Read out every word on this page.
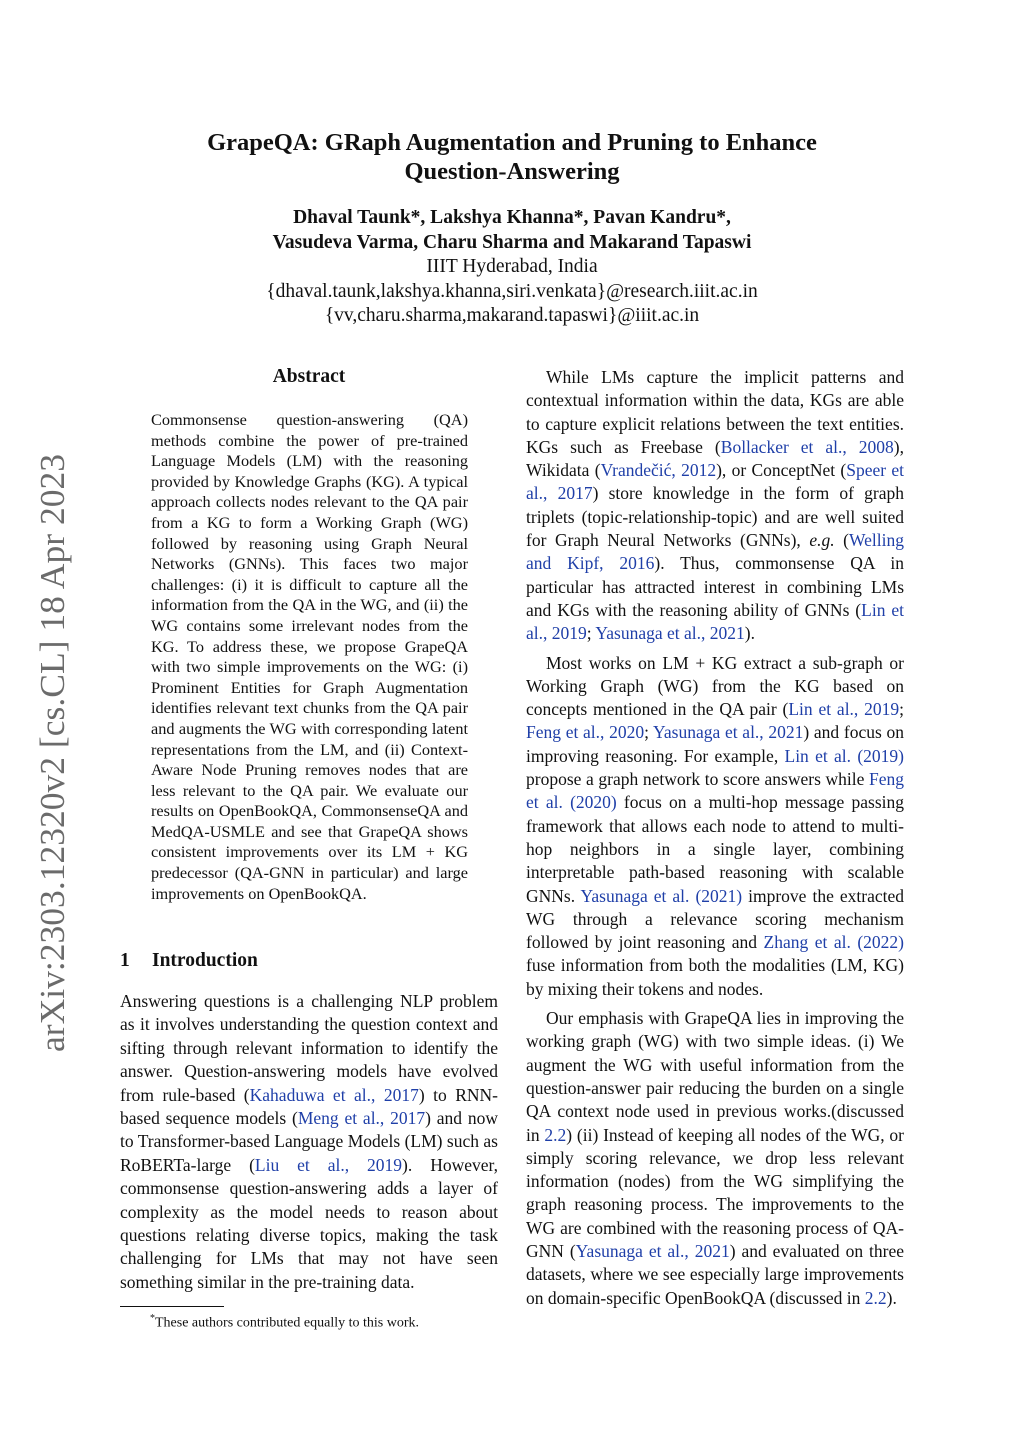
arXiv:2303.12320v2 [cs.CL] 18 Apr 2023
GrapeQA: GRaph Augmentation and Pruning to Enhance
Question-Answering
Dhaval Taunk*, Lakshya Khanna*, Pavan Kandru*,
Vasudeva Varma, Charu Sharma and Makarand Tapaswi
IIIT Hyderabad, India
{dhaval.taunk,lakshya.khanna,siri.venkata}@research.iiit.ac.in
{vv,charu.sharma,makarand.tapaswi}@iiit.ac.in
Abstract
Commonsense question-answering (QA) methods combine the power of pre-trained Language Models (LM) with the reasoning provided by Knowledge Graphs (KG). A typical approach collects nodes relevant to the QA pair from a KG to form a Working Graph (WG) followed by reasoning using Graph Neural Networks (GNNs). This faces two major challenges: (i) it is difficult to capture all the information from the QA in the WG, and (ii) the WG contains some irrelevant nodes from the KG. To address these, we propose GrapeQA with two simple improvements on the WG: (i) Prominent Entities for Graph Augmentation identifies relevant text chunks from the QA pair and augments the WG with corresponding latent representations from the LM, and (ii) Context-Aware Node Pruning removes nodes that are less relevant to the QA pair. We evaluate our results on OpenBookQA, CommonsenseQA and MedQA-USMLE and see that GrapeQA shows consistent improvements over its LM + KG predecessor (QA-GNN in particular) and large improvements on OpenBookQA.
1 Introduction

Answering questions is a challenging NLP problem as it involves understanding the question context and sifting through relevant information to identify the answer. Question-answering models have evolved from rule-based (Kahaduwa et al., 2017) to RNN-based sequence models (Meng et al., 2017) and now to Transformer-based Language Models (LM) such as RoBERTa-large (Liu et al., 2019). However, commonsense question-answering adds a layer of complexity as the model needs to reason about questions relating diverse topics, making the task challenging for LMs that may not have seen something similar in the pre-training data.

*These authors contributed equally to this work.

While LMs capture the implicit patterns and contextual information within the data, KGs are able to capture explicit relations between the text entities. KGs such as Freebase (Bollacker et al., 2008), Wikidata (Vrandečić, 2012), or ConceptNet (Speer et al., 2017) store knowledge in the form of graph triplets (topic-relationship-topic) and are well suited for Graph Neural Networks (GNNs), e.g. (Welling and Kipf, 2016). Thus, commonsense QA in particular has attracted interest in combining LMs and KGs with the reasoning ability of GNNs (Lin et al., 2019; Yasunaga et al., 2021).

Most works on LM + KG extract a sub-graph or Working Graph (WG) from the KG based on concepts mentioned in the QA pair (Lin et al., 2019; Feng et al., 2020; Yasunaga et al., 2021) and focus on improving reasoning. For example, Lin et al. (2019) propose a graph network to score answers while Feng et al. (2020) focus on a multi-hop message passing framework that allows each node to attend to multi-hop neighbors in a single layer, combining interpretable path-based reasoning with scalable GNNs. Yasunaga et al. (2021) improve the extracted WG through a relevance scoring mechanism followed by joint reasoning and Zhang et al. (2022) fuse information from both the modalities (LM, KG) by mixing their tokens and nodes.

Our emphasis with GrapeQA lies in improving the working graph (WG) with two simple ideas. (i) We augment the WG with useful information from the question-answer pair reducing the burden on a single QA context node used in previous works.(discussed in 2.2) (ii) Instead of keeping all nodes of the WG, or simply scoring relevance, we drop less relevant information (nodes) from the WG simplifying the graph reasoning process. The improvements to the WG are combined with the reasoning process of QA-GNN (Yasunaga et al., 2021) and evaluated on three datasets, where we see especially large improvements on domain-specific OpenBookQA (discussed in 2.2).
